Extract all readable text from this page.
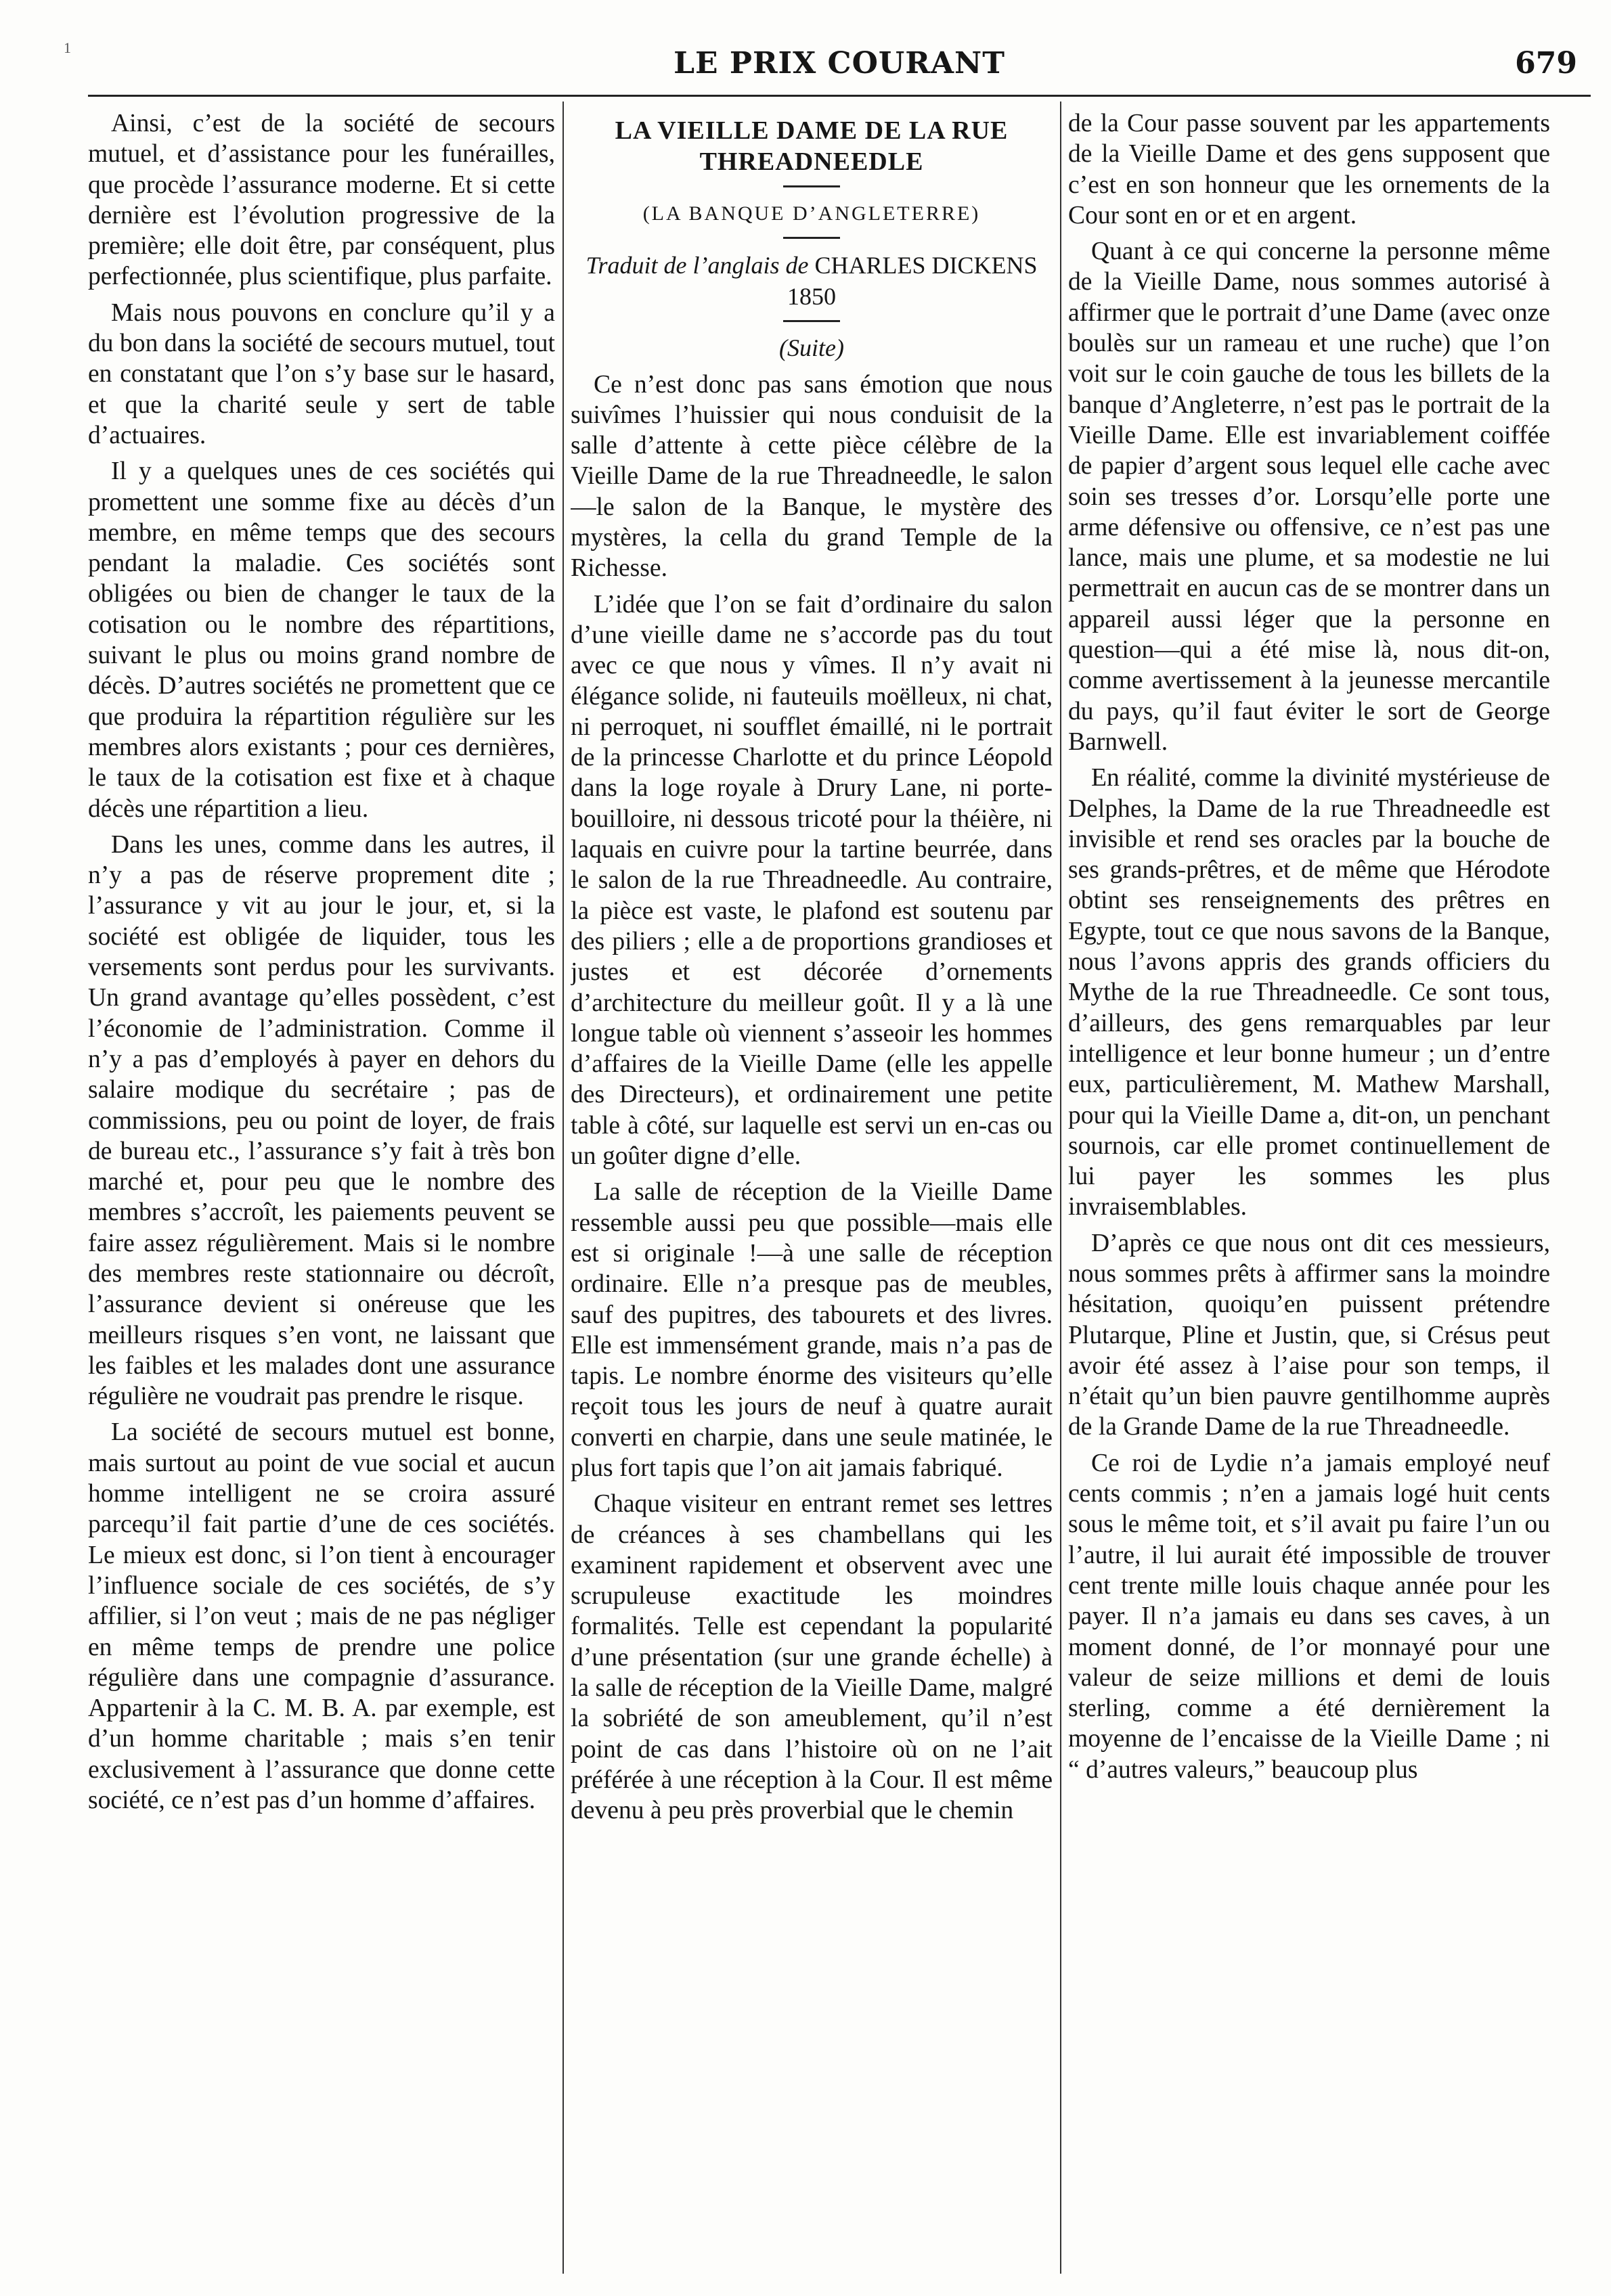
1	LE PRIX COURANT	679

Ainsi, c’est de la société de secours mutuel, et d’assistance pour les funérailles, que procède l’assurance moderne. Et si cette dernière est l’évolution progressive de la première; elle doit être, par conséquent, plus perfectionnée, plus scientifique, plus parfaite.

Mais nous pouvons en conclure qu’il y a du bon dans la société de secours mutuel, tout en constatant que l’on s’y base sur le hasard, et que la charité seule y sert de table d’actuaires.

Il y a quelques unes de ces sociétés qui promettent une somme fixe au décès d’un membre, en même temps que des secours pendant la maladie. Ces sociétés sont obligées ou bien de changer le taux de la cotisation ou le nombre des répartitions, suivant le plus ou moins grand nombre de décès. D’autres sociétés ne promettent que ce que produira la répartition régulière sur les membres alors existants ; pour ces dernières, le taux de la cotisation est fixe et à chaque décès une répartition a lieu.

Dans les unes, comme dans les autres, il n’y a pas de réserve proprement dite ; l’assurance y vit au jour le jour, et, si la société est obligée de liquider, tous les versements sont perdus pour les survivants. Un grand avantage qu’elles possèdent, c’est l’économie de l’administration. Comme il n’y a pas d’employés à payer en dehors du salaire modique du secrétaire ; pas de commissions, peu ou point de loyer, de frais de bureau etc., l’assurance s’y fait à très bon marché et, pour peu que le nombre des membres s’accroît, les paiements peuvent se faire assez régulièrement. Mais si le nombre des membres reste stationnaire ou décroît, l’assurance devient si onéreuse que les meilleurs risques s’en vont, ne laissant que les faibles et les malades dont une assurance régulière ne voudrait pas prendre le risque.

La société de secours mutuel est bonne, mais surtout au point de vue social et aucun homme intelligent ne se croira assuré parcequ’il fait partie d’une de ces sociétés. Le mieux est donc, si l’on tient à encourager l’influence sociale de ces sociétés, de s’y affilier, si l’on veut ; mais de ne pas négliger en même temps de prendre une police régulière dans une compagnie d’assurance. Appartenir à la C. M. B. A. par exemple, est d’un homme charitable ; mais s’en tenir exclusivement à l’assurance que donne cette société, ce n’est pas d’un homme d’affaires.

LA VIEILLE DAME DE LA RUE THREADNEEDLE
(LA BANQUE D’ANGLETERRE)
Traduit de l’anglais de CHARLES DICKENS 1850
(Suite)

Ce n’est donc pas sans émotion que nous suivîmes l’huissier qui nous conduisit de la salle d’attente à cette pièce célèbre de la Vieille Dame de la rue Threadneedle, le salon—le salon de la Banque, le mystère des mystères, la cella du grand Temple de la Richesse.

L’idée que l’on se fait d’ordinaire du salon d’une vieille dame ne s’accorde pas du tout avec ce que nous y vîmes. Il n’y avait ni élégance solide, ni fauteuils moëlleux, ni chat, ni perroquet, ni soufflet émaillé, ni le portrait de la princesse Charlotte et du prince Léopold dans la loge royale à Drury Lane, ni porte-bouilloire, ni dessous tricoté pour la théière, ni laquais en cuivre pour la tartine beurrée, dans le salon de la rue Threadneedle. Au contraire, la pièce est vaste, le plafond est soutenu par des piliers ; elle a de proportions grandioses et justes et est décorée d’ornements d’architecture du meilleur goût. Il y a là une longue table où viennent s’asseoir les hommes d’affaires de la Vieille Dame (elle les appelle des Directeurs), et ordinairement une petite table à côté, sur laquelle est servi un en-cas ou un goûter digne d’elle.

La salle de réception de la Vieille Dame ressemble aussi peu que possible—mais elle est si originale !—à une salle de réception ordinaire. Elle n’a presque pas de meubles, sauf des pupitres, des tabourets et des livres. Elle est immensément grande, mais n’a pas de tapis. Le nombre énorme des visiteurs qu’elle reçoit tous les jours de neuf à quatre aurait converti en charpie, dans une seule matinée, le plus fort tapis que l’on ait jamais fabriqué.

Chaque visiteur en entrant remet ses lettres de créances à ses chambellans qui les examinent rapidement et observent avec une scrupuleuse exactitude les moindres formalités. Telle est cependant la popularité d’une présentation (sur une grande échelle) à la salle de réception de la Vieille Dame, malgré la sobriété de son ameublement, qu’il n’est point de cas dans l’histoire où on ne l’ait préférée à une réception à la Cour. Il est même devenu à peu près proverbial que le chemin

de la Cour passe souvent par les appartements de la Vieille Dame et des gens supposent que c’est en son honneur que les ornements de la Cour sont en or et en argent.

Quant à ce qui concerne la personne même de la Vieille Dame, nous sommes autorisé à affirmer que le portrait d’une Dame (avec onze boulès sur un rameau et une ruche) que l’on voit sur le coin gauche de tous les billets de la banque d’Angleterre, n’est pas le portrait de la Vieille Dame. Elle est invariablement coiffée de papier d’argent sous lequel elle cache avec soin ses tresses d’or. Lorsqu’elle porte une arme défensive ou offensive, ce n’est pas une lance, mais une plume, et sa modestie ne lui permettrait en aucun cas de se montrer dans un appareil aussi léger que la personne en question—qui a été mise là, nous dit-on, comme avertissement à la jeunesse mercantile du pays, qu’il faut éviter le sort de George Barnwell.

En réalité, comme la divinité mystérieuse de Delphes, la Dame de la rue Threadneedle est invisible et rend ses oracles par la bouche de ses grands-prêtres, et de même que Hérodote obtint ses renseignements des prêtres en Egypte, tout ce que nous savons de la Banque, nous l’avons appris des grands officiers du Mythe de la rue Threadneedle. Ce sont tous, d’ailleurs, des gens remarquables par leur intelligence et leur bonne humeur ; un d’entre eux, particulièrement, M. Mathew Marshall, pour qui la Vieille Dame a, dit-on, un penchant sournois, car elle promet continuellement de lui payer les sommes les plus invraisemblables.

D’après ce que nous ont dit ces messieurs, nous sommes prêts à affirmer sans la moindre hésitation, quoiqu’en puissent prétendre Plutarque, Pline et Justin, que, si Crésus peut avoir été assez à l’aise pour son temps, il n’était qu’un bien pauvre gentilhomme auprès de la Grande Dame de la rue Threadneedle.

Ce roi de Lydie n’a jamais employé neuf cents commis ; n’en a jamais logé huit cents sous le même toit, et s’il avait pu faire l’un ou l’autre, il lui aurait été impossible de trouver cent trente mille louis chaque année pour les payer. Il n’a jamais eu dans ses caves, à un moment donné, de l’or monnayé pour une valeur de seize millions et demi de louis sterling, comme a été dernièrement la moyenne de l’encaisse de la Vieille Dame ; ni “ d’autres valeurs,” beaucoup plus
